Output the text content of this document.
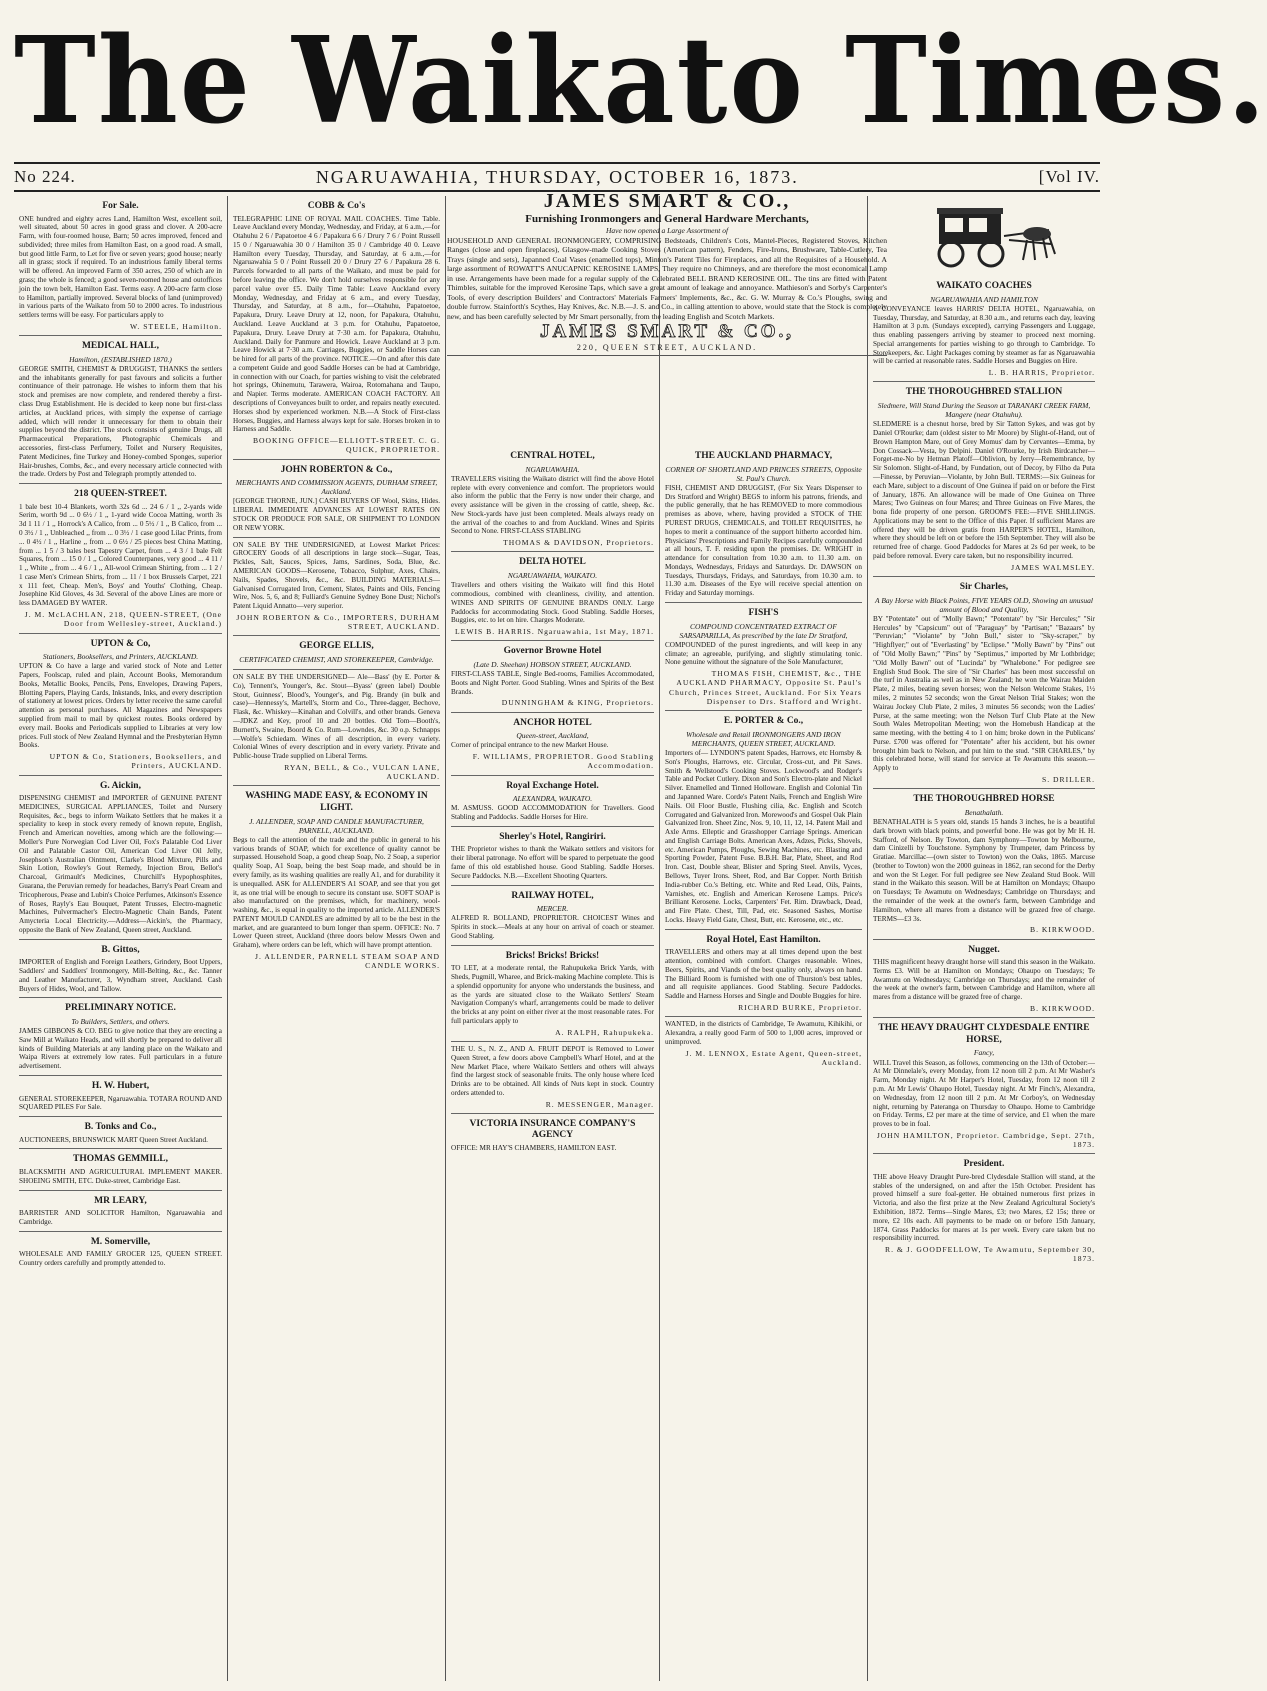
The Waikato Times.
No 224.	NGARUAWAHIA, THURSDAY, OCTOBER 16, 1873.	[Vol IV.
For Sale.
ONE hundred and eighty acres Land, Hamilton West, excellent soil, well situated, about 50 acres in good grass and clover. A 200-acre Farm, with four-roomed house, Barn; 50 acres improved, fenced and subdivided; three miles from Hamilton East, on a good road. A small, but good little Farm, to Let for five or seven years; good house; nearly all in grass; stock if required. To an industrious family liberal terms will be offered. An improved Farm of 350 acres, 250 of which are in grass; the whole is fenced; a good seven-roomed house and outoffices join the town belt, Hamilton East. Terms easy. A 200-acre farm close to Hamilton, partially improved. Several blocks of land (unimproved) in various parts of the Waikato from 50 to 2000 acres. To industrious settlers terms will be easy. For particulars apply to
W. STEELE, Hamilton.
MEDICAL HALL,
Hamilton, (ESTABLISHED 1870.)
GEORGE SMITH, CHEMIST & DRUGGIST, THANKS the settlers and the inhabitants generally for past favours and solicits a further continuance of their patronage. He wishes to inform them that his stock and premises are now complete, and rendered thereby a first-class Drug Establishment. He is decided to keep none but first-class articles, at Auckland prices, with simply the expense of carriage added, which will render it unnecessary for them to obtain their supplies beyond the district. The stock consists of genuine Drugs, all Pharmaceutical Preparations, Photographic Chemicals and accessories, first-class Perfumery, Toilet and Nursery Requisites, Patent Medicines, fine Turkey and Honey-combed Sponges, superior Hair-brushes, Combs, &c., and every necessary article connected with the trade. Orders by Post and Telegraph promptly attended to.
218 QUEEN-STREET.
1 bale best 10-4 Blankets, worth 32s 6d ... 24 6 / 1 ,, 2-yards wide Serim, worth 9d ... 0 6½ / 1 ,, 1-yard wide Cocoa Matting, worth 3s 3d 1 11 / 1 ,, Horrock's A Calico, from ... 0 5½ / 1 ,, B Calico, from ... 0 3½ / 1 ,, Unbleached ,, from ... 0 3½ / 1 case good Lilac Prints, from ... 0 4½ / 1 ,, Harline ,, from ... 0 6½ / 25 pieces best China Matting, from ... 1 5 / 3 bales best Tapestry Carpet, from ... 4 3 / 1 bale Felt Squares, from ... 15 0 / 1 ,, Colored Counterpanes, very good ... 4 11 / 1 ,, White ,, from ... 4 6 / 1 ,, All-wool Crimean Shirting, from ... 1 2 / 1 case Men's Crimean Shirts, from ... 11 / 1 box Brussels Carpet, 221 x 111 feet, Cheap. Men's, Boys' and Youths' Clothing, Cheap. Josephine Kid Gloves, 4s 3d. Several of the above Lines are more or less DAMAGED BY WATER.
J. M. McLACHLAN, 218, QUEEN-STREET, (One Door from Wellesley-street, Auckland.)
UPTON & Co,
Stationers, Booksellers, and Printers, AUCKLAND.
UPTON & Co have a large and varied stock of Note and Letter Papers, Foolscap, ruled and plain, Account Books, Memorandum Books, Metallic Books, Pencils, Pens, Envelopes, Drawing Papers, Blotting Papers, Playing Cards, Inkstands, Inks, and every description of stationery at lowest prices. Orders by letter receive the same careful attention as personal purchases. All Magazines and Newspapers supplied from mail to mail by quickest routes. Books ordered by every mail. Books and Periodicals supplied to Libraries at very low prices. Full stock of New Zealand Hymnal and the Presbyterian Hymn Books.
UPTON & Co, Stationers, Booksellers, and Printers, AUCKLAND.
G. Aickin,
DISPENSING CHEMIST and IMPORTER of GENUINE PATENT MEDICINES, SURGICAL APPLIANCES, Toilet and Nursery Requisites, &c., begs to inform Waikato Settlers that he makes it a speciality to keep in stock every remedy of known repute, English, French and American novelties, among which are the following:—Moller's Pure Norwegian Cod Liver Oil, Fox's Palatable Cod Liver Oil and Palatable Castor Oil, American Cod Liver Oil Jelly, Josephson's Australian Ointment, Clarke's Blood Mixture, Pills and Skin Lotion, Rowley's Gout Remedy, Injection Brou, Bellot's Charcoal, Grimault's Medicines, Churchill's Hypophosphites, Guarana, the Peruvian remedy for headaches, Barry's Pearl Cream and Tricopherous, Pease and Lubin's Choice Perfumes, Atkinson's Essence of Roses, Rayly's Eau Bouquet, Patent Trusses, Electro-magnetic Machines, Pulvermacher's Electro-Magnetic Chain Bands, Patent Amycteria Local Electricity.—Address—Aickin's, the Pharmacy, opposite the Bank of New Zealand, Queen street, Auckland.
B. Gittos,
IMPORTER of English and Foreign Leathers, Grindery, Boot Uppers, Saddlers' and Saddlers' Ironmongery, Mill-Belting, &c., &c. Tanner and Leather Manufacturer, 3, Wyndham street, Auckland. Cash Buyers of Hides, Wool, and Tallow.
PRELIMINARY NOTICE.
To Builders, Settlers, and others.
JAMES GIBBONS & CO. BEG to give notice that they are erecting a Saw Mill at Waikato Heads, and will shortly be prepared to deliver all kinds of Building Materials at any landing place on the Waikato and Waipa Rivers at extremely low rates. Full particulars in a future advertisement.
H. W. Hubert,
GENERAL STOREKEEPER, Ngaruawahia. TOTARA ROUND AND SQUARED PILES For Sale.
B. Tonks and Co.,
AUCTIONEERS, BRUNSWICK MART Queen Street Auckland.
THOMAS GEMMILL,
BLACKSMITH AND AGRICULTURAL IMPLEMENT MAKER. SHOEING SMITH, ETC. Duke-street, Cambridge East.
MR LEARY,
BARRISTER AND SOLICITOR Hamilton, Ngaruawahia and Cambridge.
M. Somerville,
WHOLESALE AND FAMILY GROCER 125, QUEEN STREET. Country orders carefully and promptly attended to.
COBB & Co's
TELEGRAPHIC LINE OF ROYAL MAIL COACHES. Time Table. Leave Auckland every Monday, Wednesday, and Friday, at 6 a.m.,—for Otahuhu 2 6 / Papatoetoe 4 6 / Papakura 6 6 / Drury 7 6 / Point Russell 15 0 / Ngaruawahia 30 0 / Hamilton 35 0 / Cambridge 40 0. Leave Hamilton every Tuesday, Thursday, and Saturday, at 6 a.m.,—for Ngaruawahia 5 0 / Point Russell 20 0 / Drury 27 6 / Papakura 28 6. Parcels forwarded to all parts of the Waikato, and must be paid for before leaving the office. We don't hold ourselves responsible for any parcel value over £5. Daily Time Table: Leave Auckland every Monday, Wednesday, and Friday at 6 a.m., and every Tuesday, Thursday, and Saturday, at 8 a.m., for—Otahuhu, Papatoetoe, Papakura, Drury. Leave Drury at 12, noon, for Papakura, Otahuhu, Auckland. Leave Auckland at 3 p.m. for Otahuhu, Papatoetoe, Papakura, Drury. Leave Drury at 7·30 a.m. for Papakura, Otahuhu, Auckland. Daily for Panmure and Howick. Leave Auckland at 3 p.m. Leave Howick at 7·30 a.m. Carriages, Buggies, or Saddle Horses can be hired for all parts of the province. NOTICE.—On and after this date a competent Guide and good Saddle Horses can be had at Cambridge, in connection with our Coach, for parties wishing to visit the celebrated hot springs, Ohinemutu, Tarawera, Wairoa, Rotomahana and Taupo, and Napier. Terms moderate. AMERICAN COACH FACTORY. All descriptions of Conveyances built to order, and repairs neatly executed. Horses shod by experienced workmen. N.B.—A Stock of First-class Horses, Buggies, and Harness always kept for sale. Horses broken in to Harness and Saddle.
BOOKING OFFICE—ELLIOTT-STREET. C. G. QUICK, PROPRIETOR.
JOHN ROBERTON & Co.,
MERCHANTS AND COMMISSION AGENTS, DURHAM STREET, Auckland.
[GEORGE THORNE, JUN.] CASH BUYERS OF Wool, Skins, Hides. LIBERAL IMMEDIATE ADVANCES AT LOWEST RATES ON STOCK OR PRODUCE FOR SALE, OR SHIPMENT TO LONDON OR NEW YORK.
ON SALE BY THE UNDERSIGNED, at Lowest Market Prices: GROCERY Goods of all descriptions in large stock—Sugar, Teas, Pickles, Salt, Sauces, Spices, Jams, Sardines, Soda, Blue, &c. AMERICAN GOODS—Kerosene, Tobacco, Sulphur, Axes, Chairs, Nails, Spades, Shovels, &c., &c. BUILDING MATERIALS—Galvanised Corrugated Iron, Cement, Slates, Paints and Oils, Fencing Wire, Nos. 5, 6, and 8; Fulliard's Genuine Sydney Bone Dust; Nichol's Patent Liquid Annatto—very superior.
JOHN ROBERTON & Co., IMPORTERS, DURHAM STREET, AUCKLAND.
GEORGE ELLIS,
CERTIFICATED CHEMIST, AND STOREKEEPER, Cambridge.
ON SALE BY THE UNDERSIGNED— Ale—Bass' (by E. Porter & Co), Tennent's, Younger's, &c. Stout—Byass' (green label) Double Stout, Guinness', Blood's, Younger's, and Pig. Brandy (in bulk and case)—Hennessy's, Martell's, Storm and Co., Three-dagger, Bechove, Flask, &c. Whiskey—Kinahan and Colvill's, and other brands. Geneva—JDKZ and Key, proof 10 and 20 bottles. Old Tom—Booth's, Burnett's, Swaine, Boord & Co. Rum—Lowndes, &c. 30 o.p. Schnapps—Wolfe's Schiedam. Wines of all description, in every variety. Colonial Wines of every description and in every variety. Private and Public-house Trade supplied on Liberal Terms.
RYAN, BELL, & Co., VULCAN LANE, AUCKLAND.
WASHING MADE EASY, & ECONOMY IN LIGHT.
J. ALLENDER, SOAP AND CANDLE MANUFACTURER, PARNELL, AUCKLAND.
Begs to call the attention of the trade and the public in general to his various brands of SOAP, which for excellence of quality cannot be surpassed. Household Soap, a good cheap Soap, No. 2 Soap, a superior quality Soap, A1 Soap, being the best Soap made, and should be in every family, as its washing qualities are really A1, and for durability it is unequalled. ASK for ALLENDER'S A1 SOAP, and see that you get it, as one trial will be enough to secure its constant use. SOFT SOAP is also manufactured on the premises, which, for machinery, wool-washing, &c., is equal in quality to the imported article. ALLENDER'S PATENT MOULD CANDLES are admitted by all to be the best in the market, and are guaranteed to burn longer than sperm. OFFICE: No. 7 Lower Queen street, Auckland (three doors below Messrs Owen and Graham), where orders can be left, which will have prompt attention.
J. ALLENDER, PARNELL STEAM SOAP AND CANDLE WORKS.
CENTRAL HOTEL,
NGARUAWAHIA.
TRAVELLERS visiting the Waikato district will find the above Hotel replete with every convenience and comfort. The proprietors would also inform the public that the Ferry is now under their charge, and every assistance will be given in the crossing of cattle, sheep, &c. New Stock-yards have just been completed. Meals always ready on the arrival of the coaches to and from Auckland. Wines and Spirits Second to None. FIRST-CLASS STABLING
THOMAS & DAVIDSON, Proprietors.
DELTA HOTEL
NGARUAWAHIA, WAIKATO.
Travellers and others visiting the Waikato will find this Hotel commodious, combined with cleanliness, civility, and attention. WINES AND SPIRITS OF GENUINE BRANDS ONLY. Large Paddocks for accommodating Stock. Good Stabling. Saddle Horses, Buggies, etc. to let on hire. Charges Moderate.
LEWIS B. HARRIS. Ngaruawahia, 1st May, 1871.
Governor Browne Hotel
(Late D. Sheehan) HOBSON STREET, AUCKLAND.
FIRST-CLASS TABLE, Single Bed-rooms, Families Accommodated, Boots and Night Porter. Good Stabling. Wines and Spirits of the Best Brands.
DUNNINGHAM & KING, Proprietors.
ANCHOR HOTEL
Queen-street, Auckland,
Corner of principal entrance to the new Market House.
F. WILLIAMS, PROPRIETOR. Good Stabling Accommodation.
Royal Exchange Hotel.
ALEXANDRA, WAIKATO.
M. ASMUSS. GOOD ACCOMMODATION for Travellers. Good Stabling and Paddocks. Saddle Horses for Hire.
Sherley's Hotel, Rangiriri.
THE Proprietor wishes to thank the Waikato settlers and visitors for their liberal patronage. No effort will be spared to perpetuate the good fame of this old established house. Good Stabling. Saddle Horses. Secure Paddocks. N.B.—Excellent Shooting Quarters.
RAILWAY HOTEL,
MERCER.
ALFRED R. BOLLAND, PROPRIETOR. CHOICEST Wines and Spirits in stock.—Meals at any hour on arrival of coach or steamer. Good Stabling.
Bricks! Bricks! Bricks!
TO LET, at a moderate rental, the Rahupukeka Brick Yards, with Sheds, Pugmill, Wharee, and Brick-making Machine complete. This is a splendid opportunity for anyone who understands the business, and as the yards are situated close to the Waikato Settlers' Steam Navigation Company's wharf, arrangements could be made to deliver the bricks at any point on either river at the most reasonable rates. For full particulars apply to
A. RALPH, Rahupukeka.
THE U. S., N. Z., AND A. FRUIT DEPOT is Removed to Lower Queen Street, a few doors above Campbell's Wharf Hotel, and at the New Market Place, where Waikato Settlers and others will always find the largest stock of seasonable fruits. The only house where Iced Drinks are to be obtained. All kinds of Nuts kept in stock. Country orders attended to.
R. MESSENGER, Manager.
VICTORIA INSURANCE COMPANY'S AGENCY
OFFICE: MR HAY'S CHAMBERS, HAMILTON EAST.
THE AUCKLAND PHARMACY,
CORNER OF SHORTLAND AND PRINCES STREETS, Opposite St. Paul's Church.
FISH, CHEMIST AND DRUGGIST, (For Six Years Dispenser to Drs Stratford and Wright) BEGS to inform his patrons, friends, and the public generally, that he has REMOVED to more commodious premises as above, where, having provided a STOCK of THE PUREST DRUGS, CHEMICALS, and TOILET REQUISITES, he hopes to merit a continuance of the support hitherto accorded him. Physicians' Prescriptions and Family Recipes carefully compounded at all hours, T. F. residing upon the premises. Dr. WRIGHT in attendance for consultation from 10.30 a.m. to 11.30 a.m. on Mondays, Wednesdays, Fridays and Saturdays. Dr. DAWSON on Tuesdays, Thursdays, Fridays, and Saturdays, from 10.30 a.m. to 11.30 a.m. Diseases of the Eye will receive special attention on Friday and Saturday mornings.
FISH'S
COMPOUND CONCENTRATED EXTRACT OF SARSAPARILLA, As prescribed by the late Dr Stratford,
COMPOUNDED of the purest ingredients, and will keep in any climate; an agreeable, purifying, and slightly stimulating tonic. None genuine without the signature of the Sole Manufacturer,
THOMAS FISH, CHEMIST, &c., THE AUCKLAND PHARMACY, Opposite St. Paul's Church, Princes Street, Auckland. For Six Years Dispenser to Drs. Stafford and Wright.
E. PORTER & Co.,
Wholesale and Retail IRONMONGERS AND IRON MERCHANTS, QUEEN STREET, AUCKLAND.
Importers of— LYNDON'S patent Spades, Harrows, etc Hornsby & Son's Ploughs, Harrows, etc. Circular, Cross-cut, and Pit Saws. Smith & Wellstood's Cooking Stoves. Lockwood's and Rodger's Table and Pocket Cutlery. Dixon and Son's Electro-plate and Nickel Silver. Enamelled and Tinned Holloware. English and Colonial Tin and Japanned Ware. Corde's Patent Nails, French and English Wire Nails. Oil Floor Bustle, Flushing cilia, &c. English and Scotch Corrugated and Galvanized Iron. Morewood's and Gospel Oak Plain Galvanized Iron. Sheet Zinc, Nos. 9, 10, 11, 12, 14. Patent Mail and Axle Arms. Elleptic and Grasshopper Carriage Springs. American and English Carriage Bolts. American Axes, Adzes, Picks, Shovels, etc. American Pumps, Ploughs, Sewing Machines, etc. Blasting and Sporting Powder, Patent Fuse. B.B.H. Bar, Plate, Sheet, and Rod Iron. Cast, Double shear, Blister and Spring Steel. Anvils, Vyces, Bellows, Tuyer Irons. Sheet, Rod, and Bar Copper. North British India-rubber Co.'s Belting, etc. White and Red Lead, Oils, Paints, Varnishes, etc. English and American Kerosene Lamps. Price's Brilliant Kerosene. Locks, Carpenters' Fet. Rim. Drawback, Dead, and Fire Plate. Chest, Till, Pad, etc. Seasoned Sashes, Mortise Locks. Heavy Field Gate, Chest, Butt, etc. Kerosene, etc., etc.
Royal Hotel, East Hamilton.
TRAVELLERS and others may at all times depend upon the best attention, combined with comfort. Charges reasonable. Wines, Beers, Spirits, and Viands of the best quality only, always on hand. The Billiard Room is furnished with one of Thurston's best tables, and all requisite appliances. Good Stabling. Secure Paddocks. Saddle and Harness Horses and Single and Double Buggies for hire.
RICHARD BURKE, Proprietor.
WANTED, in the districts of Cambridge, Te Awamutu, Kihikihi, or Alexandra, a really good Farm of 500 to 1,000 acres, improved or unimproved.
J. M. LENNOX, Estate Agent, Queen-street, Auckland.
WAIKATO COACHES
NGARUAWAHIA AND HAMILTON
A CONVEYANCE leaves HARRIS' DELTA HOTEL, Ngaruawahia, on Tuesday, Thursday, and Saturday, at 8.30 a.m., and returns each day, leaving Hamilton at 3 p.m. (Sundays excepted), carrying Passengers and Luggage, thus enabling passengers arriving by steamer to proceed next morning. Special arrangements for parties wishing to go through to Cambridge. To Storekeepers, &c. Light Packages coming by steamer as far as Ngaruawahia will be carried at reasonable rates. Saddle Horses and Buggies on Hire.
L. B. HARRIS, Proprietor.
THE THOROUGHBRED STALLION
Sledmere, Will Stand During the Season at TARANAKI CREEK FARM, Mangere (near Otahuhu).
SLEDMERE is a chesnut horse, bred by Sir Tatton Sykes, and was got by Daniel O'Rourke; dam (oldest sister to Mr Moore) by Slight-of-Hand, out of Brown Hampton Mare, out of Grey Momus' dam by Cervantes—Emma, by Don Cossack—Vesta, by Delpini. Daniel O'Rourke, by Irish Birdcatcher—Forget-me-No by Hetman Platoff—Oblivion, by Jerry—Remembrance, by Sir Solomon. Slight-of-Hand, by Fundation, out of Decoy, by Filho da Puta—Finesse, by Peruvian—Violante, by John Bull. TERMS:—Six Guineas for each Mare, subject to a discount of One Guinea if paid on or before the First of January, 1876. An allowance will be made of One Guinea on Three Mares; Two Guineas on four Mares; and Three Guineas on Five Mares, the bona fide property of one person. GROOM'S FEE:—FIVE SHILLINGS. Applications may be sent to the Office of this Paper. If sufficient Mares are offered they will be driven gratis from HARPER'S HOTEL, Hamilton, where they should be left on or before the 15th September. They will also be returned free of charge. Good Paddocks for Mares at 2s 6d per week, to be paid before removal. Every care taken, but no responsibility incurred.
JAMES WALMSLEY.
Sir Charles,
A Bay Horse with Black Points, FIVE YEARS OLD, Showing an unusual amount of Blood and Quality,
BY "Potentate" out of "Molly Bawn;" "Potentate" by "Sir Hercules;" "Sir Hercules" by "Capsicum" out of "Paraguay" by "Partisan;" "Bazaars" by "Peruvian;" "Violante" by "John Bull," sister to "Sky-scraper," by "Highflyer;" out of "Everlasting" by "Eclipse." "Molly Bawn" by "Pins" out of "Old Molly Bawn;" "Pins" by "Septimus," imported by Mr Lothbridge; "Old Molly Bawn" out of "Lucinda" by "Whalebone." For pedigree see English Stud Book. The sire of "Sir Charles" has been most successful on the turf in Australia as well as in New Zealand; he won the Wairau Maiden Plate, 2 miles, beating seven horses; won the Nelson Welcome Stakes, 1½ miles, 2 minutes 52 seconds; won the Great Nelson Trial Stakes; won the Wairau Jockey Club Plate, 2 miles, 3 minutes 56 seconds; won the Ladies' Purse, at the same meeting; won the Nelson Turf Club Plate at the New South Wales Metropolitan Meeting; won the Homebush Handicap at the same meeting, with the betting 4 to 1 on him; broke down in the Publicans' Purse. £700 was offered for "Potentate" after his accident, but his owner brought him back to Nelson, and put him to the stud. "SIR CHARLES," by this celebrated horse, will stand for service at Te Awamutu this season.—Apply to
S. DRILLER.
THE THOROUGHBRED HORSE
Benathalath.
BENATHALATH is 5 years old, stands 15 hands 3 inches, he is a beautiful dark brown with black points, and powerful bone. He was got by Mr H. H. Stafford, of Nelson. By Towton, dam Symphony—Towton by Melbourne, dam Cinizelli by Touchstone. Symphony by Trumpeter, dam Princess by Gratiae. Marcillac—(own sister to Towton) won the Oaks, 1865. Marcuse (brother to Towton) won the 2000 guineas in 1862, ran second for the Derby and won the St Leger. For full pedigree see New Zealand Stud Book. Will stand in the Waikato this season. Will be at Hamilton on Mondays; Ohaupo on Tuesdays; Te Awamutu on Wednesdays; Cambridge on Thursdays; and the remainder of the week at the owner's farm, between Cambridge and Hamilton, where all mares from a distance will be grazed free of charge. TERMS—£3 3s.
B. KIRKWOOD.
Nugget.
THIS magnificent heavy draught horse will stand this season in the Waikato. Terms £3. Will be at Hamilton on Mondays; Ohaupo on Tuesdays; Te Awamutu on Wednesdays; Cambridge on Thursdays; and the remainder of the week at the owner's farm, between Cambridge and Hamilton, where all mares from a distance will be grazed free of charge.
B. KIRKWOOD.
THE HEAVY DRAUGHT CLYDESDALE ENTIRE HORSE,
Fancy,
WILL Travel this Season, as follows, commencing on the 13th of October:— At Mr Dinnelale's, every Monday, from 12 noon till 2 p.m. At Mr Washer's Farm, Monday night. At Mr Harper's Hotel, Tuesday, from 12 noon till 2 p.m. At Mr Lewis' Ohaupo Hotel, Tuesday night. At Mr Finch's, Alexandra, on Wednesday, from 12 noon till 2 p.m. At Mr Corboy's, on Wednesday night, returning by Pateranga on Thursday to Ohaupo. Home to Cambridge on Friday. Terms, £2 per mare at the time of service, and £1 when the mare proves to be in foal.
JOHN HAMILTON, Proprietor. Cambridge, Sept. 27th, 1873.
President.
THE above Heavy Draught Pure-bred Clydesdale Stallion will stand, at the stables of the undersigned, on and after the 15th October. President has proved himself a sure foal-getter. He obtained numerous first prizes in Victoria, and also the first prize at the New Zealand Agricultural Society's Exhibition, 1872. Terms—Single Mares, £3; two Mares, £2 15s; three or more, £2 10s each. All payments to be made on or before 15th January, 1874. Grass Paddocks for mares at 1s per week. Every care taken but no responsibility incurred.
R. & J. GOODFELLOW, Te Awamutu, September 30, 1873.
JAMES SMART & CO.,
Furnishing Ironmongers and General Hardware Merchants,
Have now opened a Large Assortment of
HOUSEHOLD AND GENERAL IRONMONGERY, COMPRISING Bedsteads, Children's Cots, Mantel-Pieces, Registered Stoves, Kitchen Ranges (close and open fireplaces), Glasgow-made Cooking Stoves (American pattern), Fenders, Fire-Irons, Brushware, Table-Cutlery, Tea Trays (single and sets), Japanned Coal Vases (enamelled tops), Minton's Patent Tiles for Fireplaces, and all the Requisites of a Household. A large assortment of ROWATT'S ANUCAPNIC KEROSINE LAMPS, They require no Chimneys, and are therefore the most economical Lamp in use. Arrangements have been made for a regular supply of the Celebrated BELL BRAND KEROSINE OIL. The tins are fitted with Patent Thimbles, suitable for the improved Kerosine Taps, which save a great amount of leakage and annoyance. Mathieson's and Sorby's Carpenter's Tools, of every description Builders' and Contractors' Materials Farmers' Implements, &c., &c. G. W. Murray & Co.'s Ploughs, swing and double furrow. Stainforth's Scythes, Hay Knives, &c. N.B.—J. S. and Co., in calling attention to above, would state that the Stock is completely new, and has been carefully selected by Mr Smart personally, from the leading English and Scotch Markets.
JAMES SMART & CO.,
220, QUEEN STREET, AUCKLAND.
